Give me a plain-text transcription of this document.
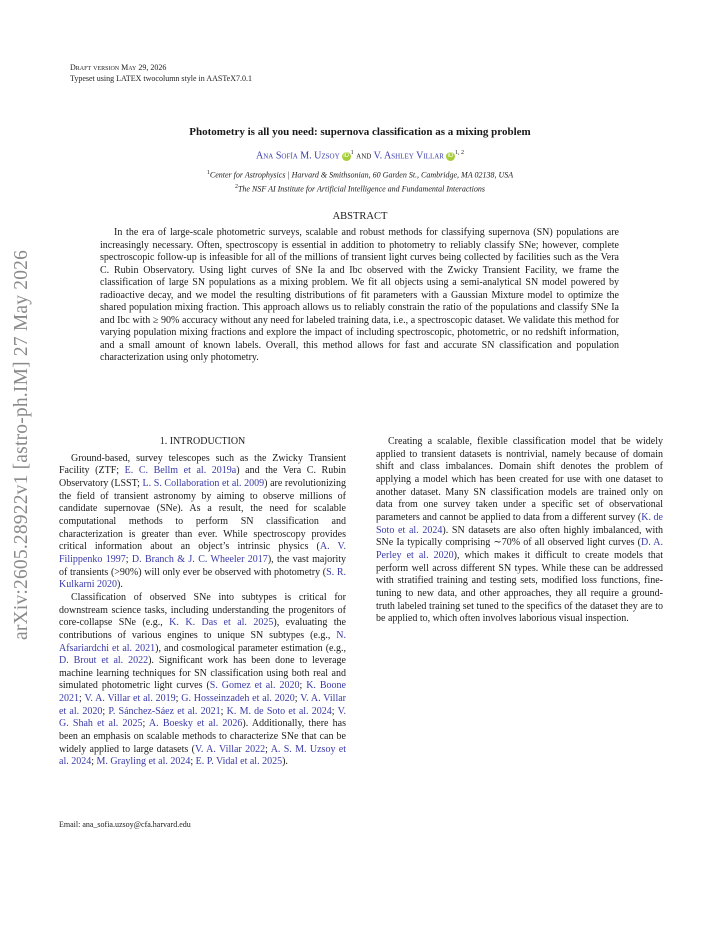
arXiv:2605.28922v1 [astro-ph.IM] 27 May 2026
Draft version May 29, 2026
Typeset using LATEX twocolumn style in AASTeX7.0.1
Photometry is all you need: supernova classification as a mixing problem
Ana Sofía M. Uzsoy $iD^1$ and V. Ashley Villar iD$^{1, 2}$
$^1$Center for Astrophysics | Harvard & Smithsonian, 60 Garden St., Cambridge, MA 02138, USA
$^2$The NSF AI Institute for Artificial Intelligence and Fundamental Interactions
ABSTRACT

In the era of large-scale photometric surveys, scalable and robust methods for classifying supernova (SN) populations are increasingly necessary. Often, spectroscopy is essential in addition to photometry to reliably classify SNe; however, complete spectroscopic follow-up is infeasible for all of the millions of transient light curves being collected by facilities such as the Vera C. Rubin Observatory. Using light curves of SNe Ia and Ibc observed with the Zwicky Transient Facility, we frame the classification of large SN populations as a mixing problem. We fit all objects using a semi-analytical SN model powered by radioactive decay, and we model the resulting distributions of fit parameters with a Gaussian Mixture model to optimize the shared population mixing fraction. This approach allows us to reliably constrain the ratio of the populations and classify SNe Ia and Ibc with ≥ 90% accuracy without any need for labeled training data, i.e., a spectroscopic dataset. We validate this method for varying population mixing fractions and explore the impact of including spectroscopic, photometric, or no redshift information, and a small amount of known labels. Overall, this method allows for fast and accurate SN classification and population characterization using only photometry.

1. INTRODUCTION

Ground-based, survey telescopes such as the Zwicky Transient Facility (ZTF; E. C. Bellm et al. 2019a) and the Vera C. Rubin Observatory (LSST; L. S. Collaboration et al. 2009) are revolutionizing the field of transient astronomy by aiming to observe millions of candidate supernovae (SNe). As a result, the need for scalable computational methods to perform SN classification and characterization is greater than ever. While spectroscopy provides critical information about an object’s intrinsic physics (A. V. Filippenko 1997; D. Branch & J. C. Wheeler 2017), the vast majority of transients (>90%) will only ever be observed with photometry (S. R. Kulkarni 2020).

Classification of observed SNe into subtypes is critical for downstream science tasks, including understanding the progenitors of core-collapse SNe (e.g., K. K. Das et al. 2025), evaluating the contributions of various engines to unique SN subtypes (e.g., N. Afsariardchi et al. 2021), and cosmological parameter estimation (e.g., D. Brout et al. 2022). Significant work has been done to leverage machine learning techniques for SN classification using both real and simulated photometric light curves (S. Gomez et al. 2020; K. Boone 2021; V. A. Villar et al. 2019; G. Hosseinzadeh et al. 2020; V. A. Villar et al. 2020; P. Sánchez-Sáez et al. 2021; K. M. de Soto et al. 2024; V. G. Shah et al. 2025; A. Boesky et al. 2026). Additionally, there has been an emphasis on scalable methods to characterize SNe that can be widely applied to large datasets (V. A. Villar 2022; A. S. M. Uzsoy et al. 2024; M. Grayling et al. 2024; E. P. Vidal et al. 2025).

Creating a scalable, flexible classification model that be widely applied to transient datasets is nontrivial, namely because of domain shift and class imbalances. Domain shift denotes the problem of applying a model which has been created for use with one dataset to another dataset. Many SN classification models are trained only on data from one survey taken under a specific set of observational parameters and cannot be applied to data from a different survey (K. de Soto et al. 2024). SN datasets are also often highly imbalanced, with SNe Ia typically comprising ∼70% of all observed light curves (D. A. Perley et al. 2020), which makes it difficult to create models that perform well across different SN types. While these can be addressed with stratified training and testing sets, modified loss functions, fine-tuning to new data, and other approaches, they all require a ground-truth labeled training set tuned to the specifics of the dataset they are to be applied to, which often involves laborious visual inspection.

Email: ana_sofia.uzsoy@cfa.harvard.edu
